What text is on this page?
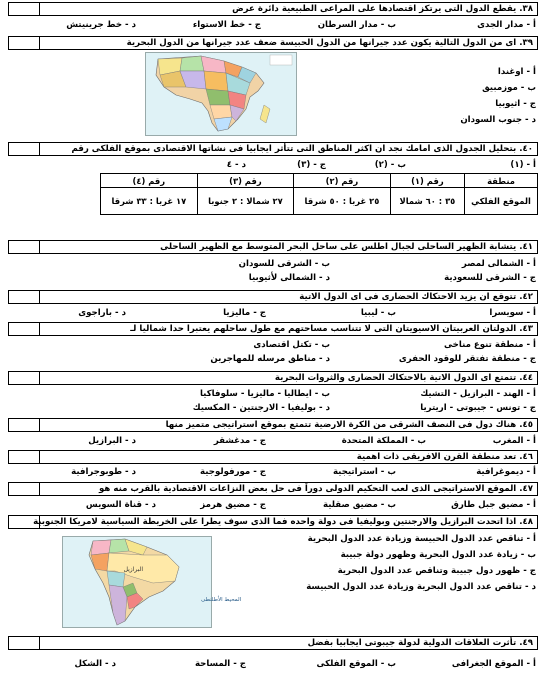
٣٨. يقطع الدول التى يرتكز اقتصادها على المراعى الطبيعية دائرة عرض
أ - مدار الجدى
ب - مدار السرطان
ج - خط الاستواء
د - خط جرينيتش
٣٩. اى من الدول التالية يكون عدد جيرانها من الدول الحبيسة ضعف عدد جيرانها من الدول البحرية
أ - اوغندا
ب - موزمبيق
ج - اثيوبيا
د - جنوب السودان
٤٠. بتحليل الجدول الذى امامك نجد ان اكثر المناطق التى تتأثر ايجابيا فى نشاتها الاقتصادى بموقع الفلكى رقم
أ - (١)
ب - (٢)
ج - (٣)
د - ٤
منطقة	رقم (١)	رقم (٢)	رقم (٣)	رقم (٤)
الموقع الفلكي	٣٥ : ٦٠ شمالا	٢٥ غربا : ٥٠ شرقا	٢٧ شمالا : ٢ جنوبا	١٧ غربا : ٣٣ شرقا
٤١. يتشابة الظهير الساحلى لجبال اطلس على ساحل البحر المتوسط مع الظهير الساحلى
أ - الشمالى لمصر
ب - الشرقى للسودان
ج - الشرقى للسعودية
د - الشمالى لأثيوبيا
٤٢. تتوقع ان يزيد الاحتكاك الحضارى فى اى الدول الاتية
أ - سويسرا
ب - ليبيا
ج - ماليزيا
د - باراجوى
٤٣. الدولتان العربيتان الاسيويتان التى لا تتناسب مساحتهم مع طول ساحلهم يعتبرا حدا شماليا لـ
أ - منطقة تنوع مناخى
ب - تكتل اقتصادى
ج - منطقة تفتقر للوقود الحفرى
د - مناطق مرسله للمهاجرين
٤٤. تتمتع اى الدول الاتية بالاحتكاك الحضارى والثروات البحرية
أ - الهند - البرازيل - التشيك
ب - ايطاليا - ماليزيا - سلوفاكيا
ج - تونس - جيبوتى - اريتريا
د - بوليفيا - الارجنتين - المكسيك
٤٥. هناك دول فى النصف الشرقى من الكرة الارضية تتمتع بموقع استراتيجى متميز منها
أ - المغرب
ب - المملكة المتحدة
ج - مدغشقر
د - البرازيل
٤٦. تعد منطقة القرن الافريقى ذات اهمية
أ - ديموغرافية
ب - استراتيجية
ج - مورفولوجية
د - طوبوجرافية
٤٧. الموقع الاستراتيجى الذى لعب التحكيم الدولى دوراً فى حل بعض النزاعات الاقتصادية بالقرب منه هو
أ - مضيق جبل طارق
ب - مضيق صقلية
ج - مضيق هرمز
د - قناة السويس
٤٨. اذا اتحدت البرازيل والارجنتين وبوليفيا فى دولة واحده فما الذى سوف يطرا على الخريطة السياسية لامريكا الجنوبية
أ - تناقص عدد الدول الحبيسة وزيادة عدد الدول البحرية
ب - زيادة عدد الدول البحرية وظهور دولة جبيبة
ج - ظهور دول جبيبة وتناقص عدد الدول البحرية
د - تناقص عدد الدول البحرية وزيادة عدد الدول الحبيسة
البرازيل
المحيط الأطلنطى
٤٩. تأثرت العلاقات الدولية لدولة جيبوتى ايجابيا بفضل
أ - الموقع الجغرافى
ب - الموقع الفلكى
ج - المساحة
د - الشكل
